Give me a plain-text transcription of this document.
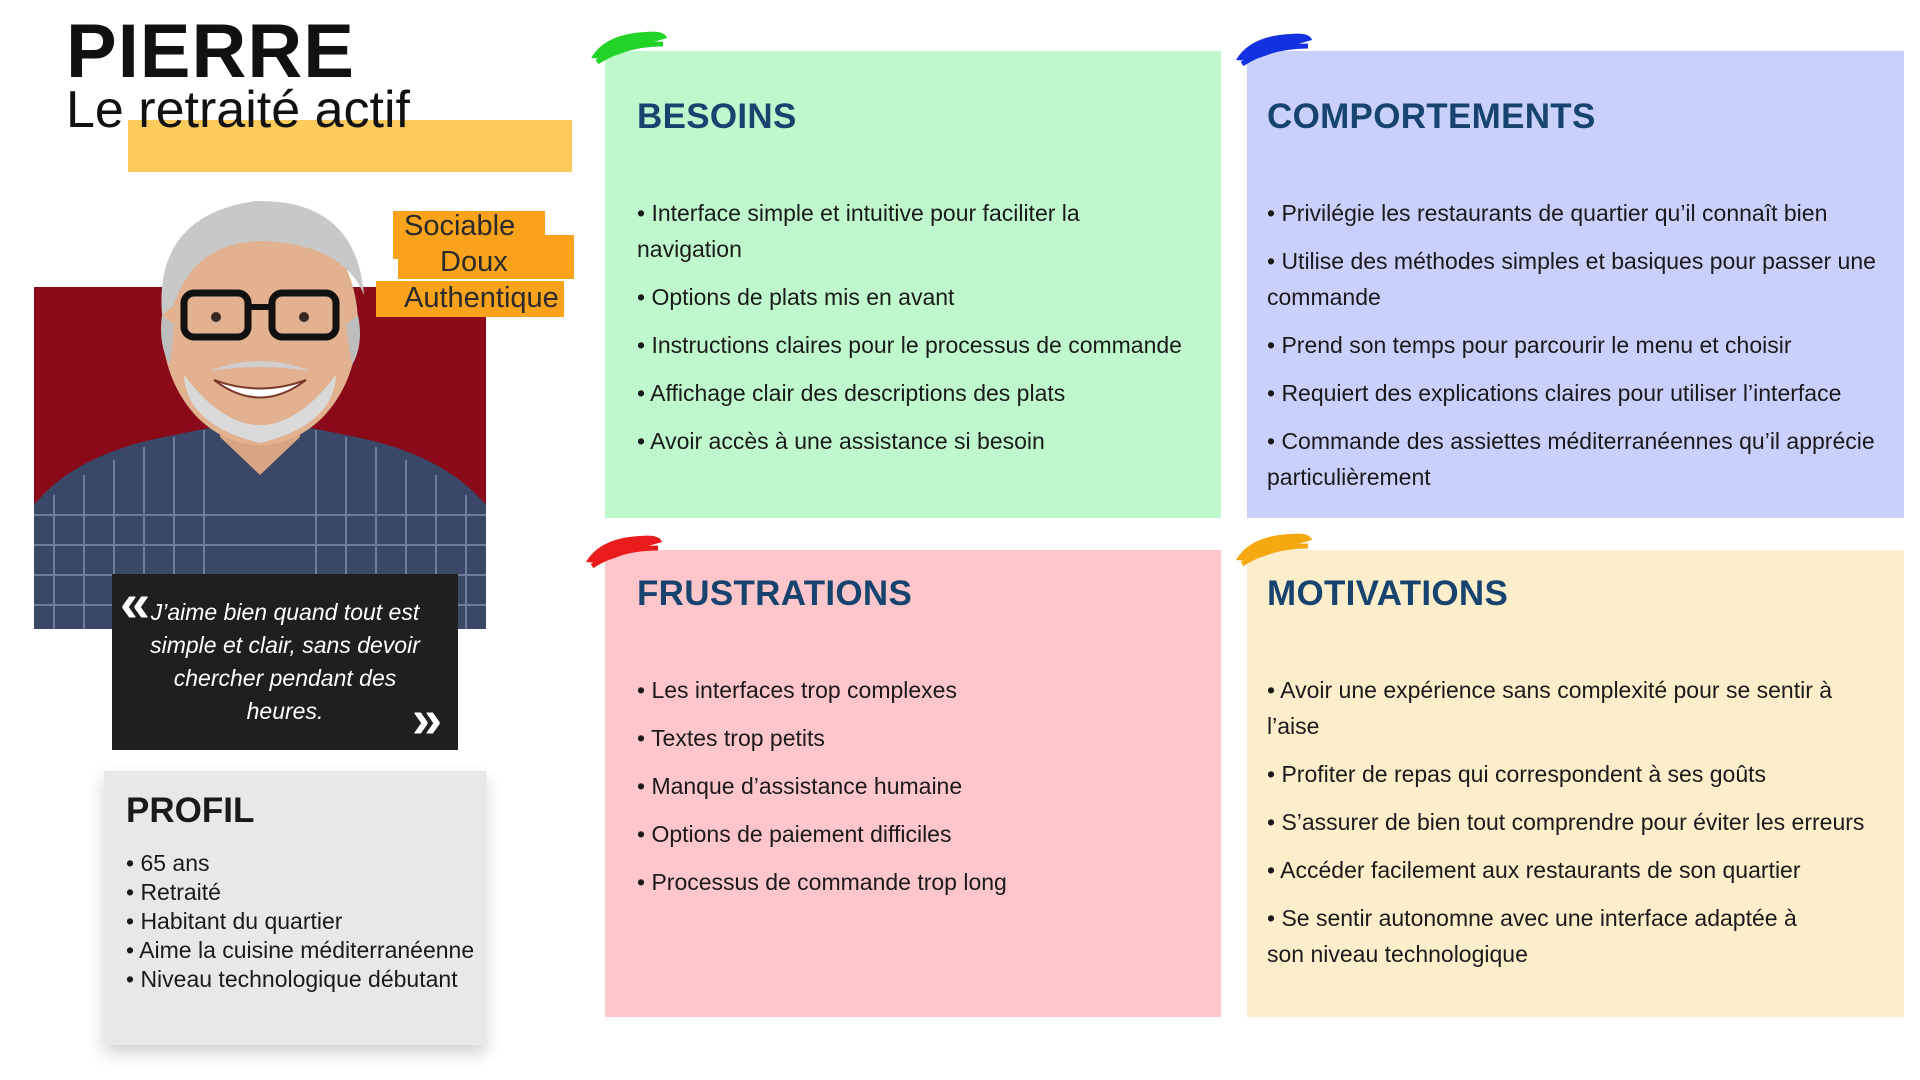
PIERRE
Le retraité actif
Sociable
Doux
Authentique
« J’aime bien quand tout est simple et clair, sans devoir chercher pendant des heures.	»
PROFIL
• 65 ans
• Retraité
• Habitant du quartier
• Aime la cuisine méditerranéenne
• Niveau technologique débutant
BESOINS
• Interface simple et intuitive pour faciliter la navigation
• Options de plats mis en avant
• Instructions claires pour le processus de commande
• Affichage clair des descriptions des plats
• Avoir accès à une assistance si besoin
COMPORTEMENTS
• Privilégie les restaurants de quartier qu’il connaît bien
• Utilise des méthodes simples et basiques pour passer une commande
• Prend son temps pour parcourir le menu et choisir
• Requiert des explications claires pour utiliser l’interface
• Commande des assiettes méditerranéennes qu’il apprécie particulièrement
FRUSTRATIONS
• Les interfaces trop complexes
• Textes trop petits
• Manque d’assistance humaine
• Options de paiement difficiles
• Processus de commande trop long
MOTIVATIONS
• Avoir une expérience sans complexité pour se sentir à l’aise
• Profiter de repas qui correspondent à ses goûts
• S’assurer de bien tout comprendre pour éviter les erreurs
• Accéder facilement aux restaurants de son quartier
• Se sentir autonomne avec une interface adaptée à son niveau technologique
